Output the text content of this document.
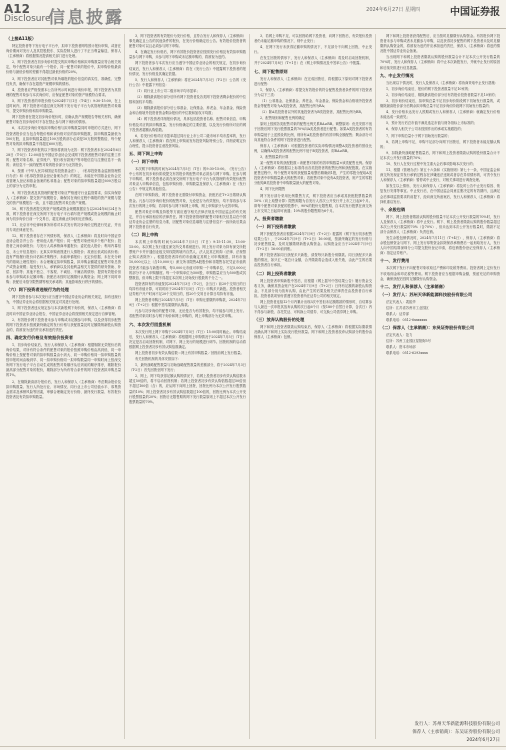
A12
Disclosure
信息披露	2024年6月27日 星期四	中国证券报
（上接A11版）

特定投资者等下发行电子平台中，拟申下投资者网络预计报价申购，或者在询价期间对发行人及其控股股东、实际控制人进行了不正当利益输送，保荐人（主承销商）将根据情况提请相关部门进行处理。

2、网下投资者在初步询价时提交的拟申购价格和拟申购数量应符合相关规定，每个配售对象只能有一个报价，同一配售对象的报价中，拟申购价格最高价格与最低价格的差额不得超过最低价格的20%。

3、网下投资者应对其配售对象所填报的报价信息的真实性、准确性、完整性负责，确保不存在超资产规模申购的情形。

4、投资者应严格按照本公告所列示时间进行询价申报，网下投资者为其管理的配售对象参与本次询价时，应保证配售对象的资产规模符合要求。

5、网下投资者的申报价格为2024年7月1日（T-4日）9:30-15:00，在上述时间内，网下投资者可通过深交所网下发行电子平台为其管理的配售对象填写、提交申购价格和拟申购数量。

网下投资者在提交初步询价报价时，应确认资产规模报告等相关材料，确保配售对象在初步询价时不存在禁止参与网下询价的情形。

6、本次初步询价采取拟申购价格与拟申购数量同时申报的方式进行，网下投资者报价应当包含每股价格和该价格对应的拟申购股数，拟申购数量最低为100万股，且拟申购数量超过100万股的部分必须是10万股的整数倍，每个配售对象的拟申购数量不得超过600万股。

7、网下投资者申报的以下情形将被视为无效：网下投资者未在2024年6月28日（T-5日）12:00前在中国证券业协会完成网下投资者配售对象的注册工作的；配售对象名称、证券账户、银行收付款账户等申报信息与注册信息不一致的；该信息不一致的配售对象的报价部分为无效报价。

8、按照《中华人民共和国证券投资基金法》、《私募投资基金监督管理暂行办法》和《私募投资基金登记备案办法》的规定，未能在中国基金业协会完成管理人登记和基金备案的私募基金；配售对象的拟申购数量超过600万股以上的部分为无效申报。

9、网下投资者及其管理的配售对象应严格遵守行业监管要求，如实向保荐人（主承销商）提交资产规模报告，确保其在询价过程中填报的资产规模与提交的资产规模报告一致，且不超过配售对象总资产规模。

10、网下投资者提交的资产规模或资金规模数据应当以2024年6月24日为准，网下投资者在深交所网下发行电子平台填写资产规模或资金规模的截止时间为初步询价日前一个交易日，超过该截止时间则无法修改。

11、北京市中伦律师事务所将对本次发行的初步询价过程进行见证，并出具专项法律意见书。

12、网下投资者存在下列情形的，保荐人（主承销商）将及时向中国证券业协会报告并公告：使用他人账户报价；同一配售对象使用多个账户报价；投资者之间协商报价；与发行人或承销商串通报价；委托他人报价；利用内幕信息、未公开信息报价；无真实申购意图进行人情报价；故意压低或抬高价格；没有严格履行报价评估和决策程序、未能审慎报价；无定价依据、未在充分研究的基础上理性报价；未合理确定拟申购数量，拟申购金额超过配售对象总资产或资金规模；接受发行人、承销商以及其他利益相关方提供的财务资助、补偿、回扣等；其他不独立、不客观、不诚信、不廉洁的情形；提供有效报价但未参与申购或未足额申购；获配后未按时足额缴付认购资金；网上网下同时申购；获配后未恪守限售期等相关承诺的；其他影响发行秩序的情形。

（六）网下投资者违规行为的处理

网下投资者参与本次发行应当遵守中国证券业协会的相关规定，如有违规行为，中国证券业协会将依据相关规定对其进行处理。

1、网下投资者违反规定参与本次新股网下询价的，保荐人（主承销商）将及时向中国证券业协会报告，中国证券业协会将按照相关规定进行自律管理。

2、有效报价网下投资者未参与申购或未足额参与申购，以及获得初步配售的网下投资者未按照最终确定的发行价格与获配数量及时足额缴纳新股认购资金的，将被视为违约并应承担违约责任。

四、确定发行价格及有效报价投资者

1、初步询价结束后，发行人和保荐人（主承销商）根据剔除无效报价后的询价结果，对所有符合条件的配售对象的报价按照申购价格由高到低、同一申购价格上按配售对象的拟申购数量由小到大、同一申购价格同一拟申购数量的按申报时间由晚到早、同一拟申购价格同一拟申购数量同一申购时间上按深交所网下发行电子平台自动生成的配售对象顺序从后到前的顺序排序，剔除报价最高部分配售对象的报价，剔除部分为所有符合条件的网下投资者拟申购总量的1%。

2、在剔除最高部分报价后，发行人和保荐人（主承销商）考虑剩余报价及拟申购数量、发行人所处行业、市场情况、同行业上市公司估值水平、募集资金需求及承销风险等因素，审慎合理确定发行价格、最终发行数量、有效报价投资者及有效拟申购数量。

3、网下投资者的有效报价为发行价格，且符合发行人和保荐人（主承销商）事先确定且公告的其他条件的报价，在发行价格确定后公告。有效报价投资者的配售对象可以且必须参与网下申购。

4、在确定发行价格后，网下有效报价投资者应按照发行价格及有效拟申购数量参与网下申购，未参与网下申购或未足额申购的，将被视为违约。

网下投资者参与本次发行应当遵守中国证券业协会的相关规定，在初步询价结束后，发行人和保荐人（主承销商）将在《发行公告》中披露网下投资者的报价情况、发行价格及其确定依据。

5、发行人和保荐人（主承销商）将在2024年7月3日（T-2日）公告的《发行公告》中披露下列信息：

（1）同行业上市公司二级市场平均市盈率；

（2）剔除最高报价部分后所有网下投资者及各类网下投资者剩余报价的中位数和加权平均数；

（3）剔除最高报价部分后公募基金、社保基金、养老金、年金基金、保险资金和合格境外投资者资金剩余报价的中位数和加权平均数；

（4）网下投资者详细报价情况，具体包括投资者名称、配售对象信息、申购价格及对应的拟申购数量、发行价格确定的主要依据，以及发行价格所对应的网下投资者超额认购倍数。

6、若发行价格对应市盈率超过同行业上市公司二级市场平均市盈率的，发行人和保荐人（主承销商）将在网上申购前发布投资风险特别公告，详细说明定价合理性，提示投资者注意投资风险。

五、网下网上申购
（一）网下申购

本次网下申购的时间为2024年7月5日（T日）的9:30-15:00。《发行公告》中公布的在初步询价阶段提交有效报价的配售对象必须参与网下申购。在参与网下申购时，网下投资者必须在深交所网下发行电子平台为其管理的有效报价配售对象录入申购单信息，包括申购价格、申购数量及保荐人（主承销商）在《发行公告》中规定的其他信息。

在网下申购阶段，网下投资者无需缴付申购资金，获配后在T+2日缴纳认购资金。凡参与初步询价报价的配售对象，无论是否为有效报价，均不得再参与本次发行的网上申购，若同时参与网下和网上申购，网上申购部分为无效申购。

配售对象在申购及持股等方面应遵守相关法律法规及中国证监会的有关规定，并自行承担相应的法律责任。网下投资者管理的配售对象相关信息以在中国证券业协会注册的信息为准，因配售对象信息填报与注册信息不一致所致后果由网下投资者自行负责。

（二）网上申购

本次网上申购的时间为2024年7月5日（T日）9:15-11:30，13:00-15:00。本次网上发行通过深交所交易系统进行。网上发行对象为持有深交所股票账户卡并开通创业板交易权限的境内自然人、法人及其它机构（法律、法规禁止购买者除外）。根据投资者持有的市值确定其网上可申购额度，持有市值10,000元以上（含10,000元）深交所非限售A股股份和非限售存托凭证市值的投资者才能参与新股申购，每5,000元市值可申购一个申购单位，不足5,000元的部分不计入申购额度。每一个申购单位为500股，申购数量应当为500股或其整数倍，但申购上限不得超过本次网上初始发行股数的千分之一。

投资者持有的市值按其2024年7月3日（T-2日，含当日）前20个交易日的日均持有市值计算，可同时用于2024年7月5日（T日）申购多只新股。投资者相关证券账户开户时间不足20个交易日的，按20个交易日计算日均持有市值。

网上投资者申购日2024年7月5日（T日）申购无需缴纳申购款，2024年7月9日（T+2日）根据中签结果缴纳认购款。

凡参与初步询价的配售对象，无论是否为有效报价，均不能参与网上发行。若配售对象同时参与网下询价和网上申购的，网上申购部分为无效申购。

六、本次发行回拨机制

本次发行网上网下申购于2024年7月5日（T日）15:00同时截止。申购结束后，发行人和保荐人（主承销商）将根据网上申购情况于2024年7月5日（T日）决定是否启动回拨机制，对网下、网上发行的规模进行调节。回拨机制的启动将根据网上投资者初步有效认购倍数确定。

网上投资者初步有效认购倍数＝网上有效申购数量／回拨前网上发行数量。

有关回拨机制的具体安排如下：

1、最终战略配售数量与初始战略配售数量的差额部分，将于2024年7月3日（T-2日）首先回拨至网下发行；

2、网上、网下均获得足额认购的情况下，若网上投资者初步有效认购倍数未超过50倍的，将不启动回拨机制；若网上投资者初步有效认购倍数超过50倍但不超过100倍（含）的，应从网下向网上回拨，回拨比例为本次公开发行股票数量的10%；网上投资者初步有效认购倍数超过100倍的，回拨比例为本次公开发行股票数量的20%；回拨后无限售期的网下发行数量原则上不超过本次公开发行股票数量的70%。

3、若网上申购不足，可以回拨给网下投资者，向网下回拨后，有效报价投资者仍未能足额申购的情况下，则中止发行；

4、在网下发行未获得足额申购的情况下，不足部分不向网上回拨，中止发行。

在发生回拨的情形下，发行人和保荐人（主承销商）将及时启动回拨机制，并于2024年7月8日（T+1日）在《网上申购情况及中签率公告》中披露。

七、网下配售原则

发行人和保荐人（主承销商）在完成回拨后，将根据以下原则对网下投资者进行配售：

1、保荐人（主承销商）将提交有效报价的符合配售投资者条件的网下投资者分为以下三类：

（1）公募基金、社保基金、养老金、年金基金、保险资金和合格境外投资者资金等配售对象为A类投资者，其配售比例为RA；

（2）除A类投资者以外的其他投资者为B类投资者，其配售比例为RB。

2、配售规则和配售比例的确定

原则上按照各类配售对象的配售比例关系RA≥RB。调整原则：优先安排不低于回拨后网下发行股票数量的70%向A类投资者进行配售。如果A类投资者的有效申购量低于上述预设的比例，则所有A类投资者的有效申购全额配售；剩余部分可向其他符合条件的网下投资者进行配售。

保荐人（主承销商）可根据投资者的实际申购情况调整A类投资者的预设比例，以确保A类投资者的配售比例不低于B类投资者，即RA≥RB。

3、配售数量的计算

某一配售对象的获配股数＝该配售对象的有效申购数量×该类配售比例。保荐人（主承销商）将根据以上标准得出各类投资者的配售比例和获配股数。在实施配售过程中，每个配售对象的获配数量取整后精确到1股，产生的零股分配给A类投资者中申购数量最大的配售对象；若配售对象中没有A类投资者，则产生的零股分配给B类投资者中申购数量最大的配售对象。

4、网下比例限售

网下发行部分采用比例限售方式，网下投资者应当承诺其获配股票数量的10%（向上取整计算）限售期限为自发行人首次公开发行并上市之日起6个月。即每个配售对象获配的股票中，90%的股份无限售期，自本次发行股票在深交所上市交易之日起即可流通；10%的股份限售期为6个月。

八、投资者缴款
（一）网下投资者缴款

网下获配投资者应根据2024年7月9日（T+2日）披露的《网下发行初步配售结果公告》，于2024年7月9日（T+2日）16:00前，按最终确定的发行价格与初步配售数量，及时足额缴纳新股认购资金。认购资金应当于2024年7月9日（T+2日）16:00前到账。

网下投资者如同日获配多只新股，请按每只新股分别缴款。同日获配多只新股的情况，如只汇一笔总计金额，合并缴款将会造成入账失败，由此产生的后果由投资者自行承担。

（二）网上投资者缴款

网上投资者申购新股中签后，应根据《网上摇号中签结果公告》履行资金交收义务，确保其资金账户在2024年7月9日（T+2日）日终有足额的新股认购资金，不足部分视为放弃认购，由此产生的后果及相关法律责任由投资者自行承担。投资者款项划付需遵守投资者所在证券公司的相关规定。

网上投资者连续12个月内累计出现3次中签但未足额缴款的情形时，自结算参与人最近一次申报其放弃认购的次日起6个月（按180个自然日计算，含次日）内不得参与新股、存托凭证、可转换公司债券、可交换公司债券网上申购。

（三）放弃认购股份的处理

网下和网上投资者缴款认购结束后，保荐人（主承销商）将根据实际缴款情况确认网下和网上实际发行股份数量。网下和网上投资者放弃认购部分的股份由保荐人（主承销商）包销。

网下和网上投资者获得配售后，应当按时足额缴付认购资金。有效报价网下投资者未参与申购或者未足额参与申购，以及获得初步配售的网下投资者未及时足额缴纳认购资金的，将被视为违约并应承担违约责任，保荐人（主承销商）将违约情况报中国证券业协会备案。

当出现网下和网上投资者缴款认购的股份数量合计不足本次公开发行数量的70%时，发行人和保荐人（主承销商）将中止本次新股发行，并就中止发行的原因和后续安排进行信息披露。

九、中止发行情况

当出现以下情况时，发行人及保荐人（主承销商）将协商采取中止发行措施：

1、初步询价结束后，报价的网下投资者数量不足10家的；

2、初步询价结束后，剔除最高报价部分后有效报价投资者数量不足10家的；

3、初步询价结束后，拟申购总量不足初步询价阶段网下初始发行数量的，或剔除最高报价部分后剩余拟申购总量不足初步询价阶段网下初始发行数量的；

4、发行价格未达发行人预期或发行人和保荐人（主承销商）就确定发行价格未能达成一致意见；

5、预计发行后总市值不满足选定市值与财务指标上市标准的；

6、保荐人相关子公司未按照作出的承诺实施跟投的；

7、网下申购总量小于网下初始发行数量的；

8、若网上申购不足，申购不足部分向网下回拨后，网下投资者未能足额认购的；

9、扣除最终战略配售数量后，网下和网上投资者缴款认购的股份数量合计不足本次公开发行数量的70%；

10、发行人在发行过程中发生重大会后事项影响本次发行的；

11、根据《管理办法》第五十六条和《实施细则》第七十一条，中国证监会和深交所发现证券发行承销过程存在涉嫌违法违规或者存在异常情形的，可责令发行人和保荐人（主承销商）暂停或中止发行，对相关事项进行调查处理。

如发生以上情形，发行人和保荐人（主承销商）将及时公告中止发行原因、恢复发行安排等事宜。中止发行后，在中国证监会同意注册决定的有效期内，且满足会后事项监管要求的前提下，经向深交所备案后，发行人和保荐人（主承销商）将择机重启发行。

十、余股包销

网下、网上投资者缴款认购的股份数量不足本次公开发行数量的70%时，发行人及保荐人（主承销商）将中止发行。网下、网上投资者缴款认购的股份数量超过本次公开发行数量的70%（含70%），但未达到本次公开发行数量时，缴款不足部分由保荐人（主承销商）负责包销。

发生余股包销情况时，2024年7月11日（T+4日），保荐人（主承销商）将余股包销资金与网下、网上发行募集资金扣除保荐承销费后一起划给发行人，发行人向中国结算深圳分公司提交股份登记申请，将包销股份登记至保荐人（主承销商）指定证券账户。

十一、发行费用

本次网下发行不向配售对象收取过户费和印花税等费用。投资者网上定价发行不收取佣金和印花税等费用。网下投资者应当根据申购金额，预留充足的申购资金，确保获配后按时足额缴付认购资金。

十二、发行人和保荐人（主承销商）
（一）发行人：苏州天华新能源科技股份有限公司

法定代表人：裴振华

住所：江苏省苏州市工业园区

联系人：证券部

联系电话：0512-6xxxxxxx

（二）保荐人（主承销商）：东吴证券股份有限公司

法定代表人：范力

住所：苏州工业园区星阳街5号

联系人：资本市场部

联系电话：0512-6293xxxx

发行人：苏州天华新能源科技股份有限公司
保荐人（主承销商）：东吴证券股份有限公司
2024年6月27日
